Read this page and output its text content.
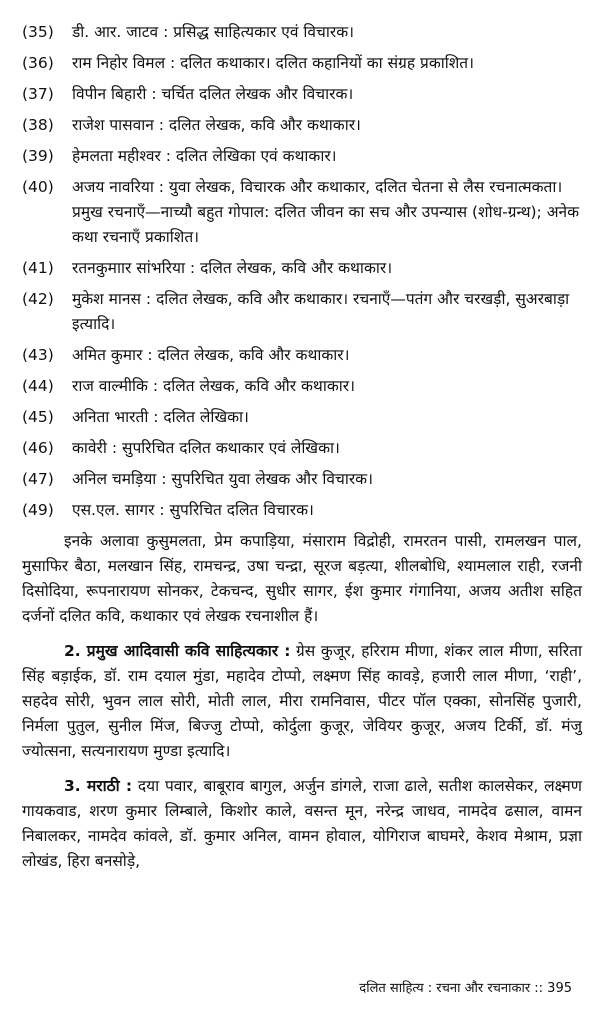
(35)	डी. आर. जाटव : प्रसिद्ध साहित्यकार एवं विचारक।
(36)	राम निहोर विमल : दलित कथाकार। दलित कहानियों का संग्रह प्रकाशित।
(37)	विपीन बिहारी : चर्चित दलित लेखक और विचारक।
(38)	राजेश पासवान : दलित लेखक, कवि और कथाकार।
(39)	हेमलता महीश्वर : दलित लेखिका एवं कथाकार।
(40)	अजय नावरिया : युवा लेखक, विचारक और कथाकार, दलित चेतना से लैस रचनात्मकता। प्रमुख रचनाएँ—नाच्यौ बहुत गोपाल: दलित जीवन का सच और उपन्यास (शोध-ग्रन्थ); अनेक कथा रचनाएँ प्रकाशित।
(41)	रतनकुमाार सांभरिया : दलित लेखक, कवि और कथाकार।
(42)	मुकेश मानस : दलित लेखक, कवि और कथाकार। रचनाएँ—पतंग और चरखड़ी, सुअरबाड़ा इत्यादि।
(43)	अमित कुमार : दलित लेखक, कवि और कथाकार।
(44)	राज वाल्मीकि : दलित लेखक, कवि और कथाकार।
(45)	अनिता भारती : दलित लेखिका।
(46)	कावेरी : सुपरिचित दलित कथाकार एवं लेखिका।
(47)	अनिल चमड़िया : सुपरिचित युवा लेखक और विचारक।
(49)	एस.एल. सागर : सुपरिचित दलित विचारक।

इनके अलावा कुसुमलता, प्रेम कपाड़िया, मंसाराम विद्रोही, रामरतन पासी, रामलखन पाल, मुसाफिर बैठा, मलखान सिंह, रामचन्द्र, उषा चन्द्रा, सूरज बड़त्या, शीलबोधि, श्यामलाल राही, रजनी दिसोदिया, रूपनारायण सोनकर, टेकचन्द, सुधीर सागर, ईश कुमार गंगानिया, अजय अतीश सहित दर्जनों दलित कवि, कथाकार एवं लेखक रचनाशील हैं।

2. प्रमुख आदिवासी कवि साहित्यकार : ग्रेस कुजूर, हरिराम मीणा, शंकर लाल मीणा, सरिता सिंह बड़ाईक, डॉ. राम दयाल मुंडा, महादेव टोप्पो, लक्ष्मण सिंह कावड़े, हजारी लाल मीणा, ‘राही’, सहदेव सोरी, भुवन लाल सोरी, मोती लाल, मीरा रामनिवास, पीटर पॉल एक्का, सोनसिंह पुजारी, निर्मला पुतुल, सुनील मिंज, बिज्जु टोप्पो, कोर्दुला कुजूर, जेवियर कुजूर, अजय टिर्की, डॉ. मंजु ज्योत्सना, सत्यनारायण मुण्डा इत्यादि।

3. मराठी : दया पवार, बाबूराव बागुल, अर्जुन डांगले, राजा ढाले, सतीश कालसेकर, लक्ष्मण गायकवाड, शरण कुमार लिम्बाले, किशोर काले, वसन्त मून, नरेन्द्र जाधव, नामदेव ढसाल, वामन निबालकर, नामदेव कांवले, डॉ. कुमार अनिल, वामन होवाल, योगिराज बाघमरे, केशव मेश्राम, प्रज्ञा लोखंड, हिरा बनसोड़े,

दलित साहित्य : रचना और रचनाकार :: 395
